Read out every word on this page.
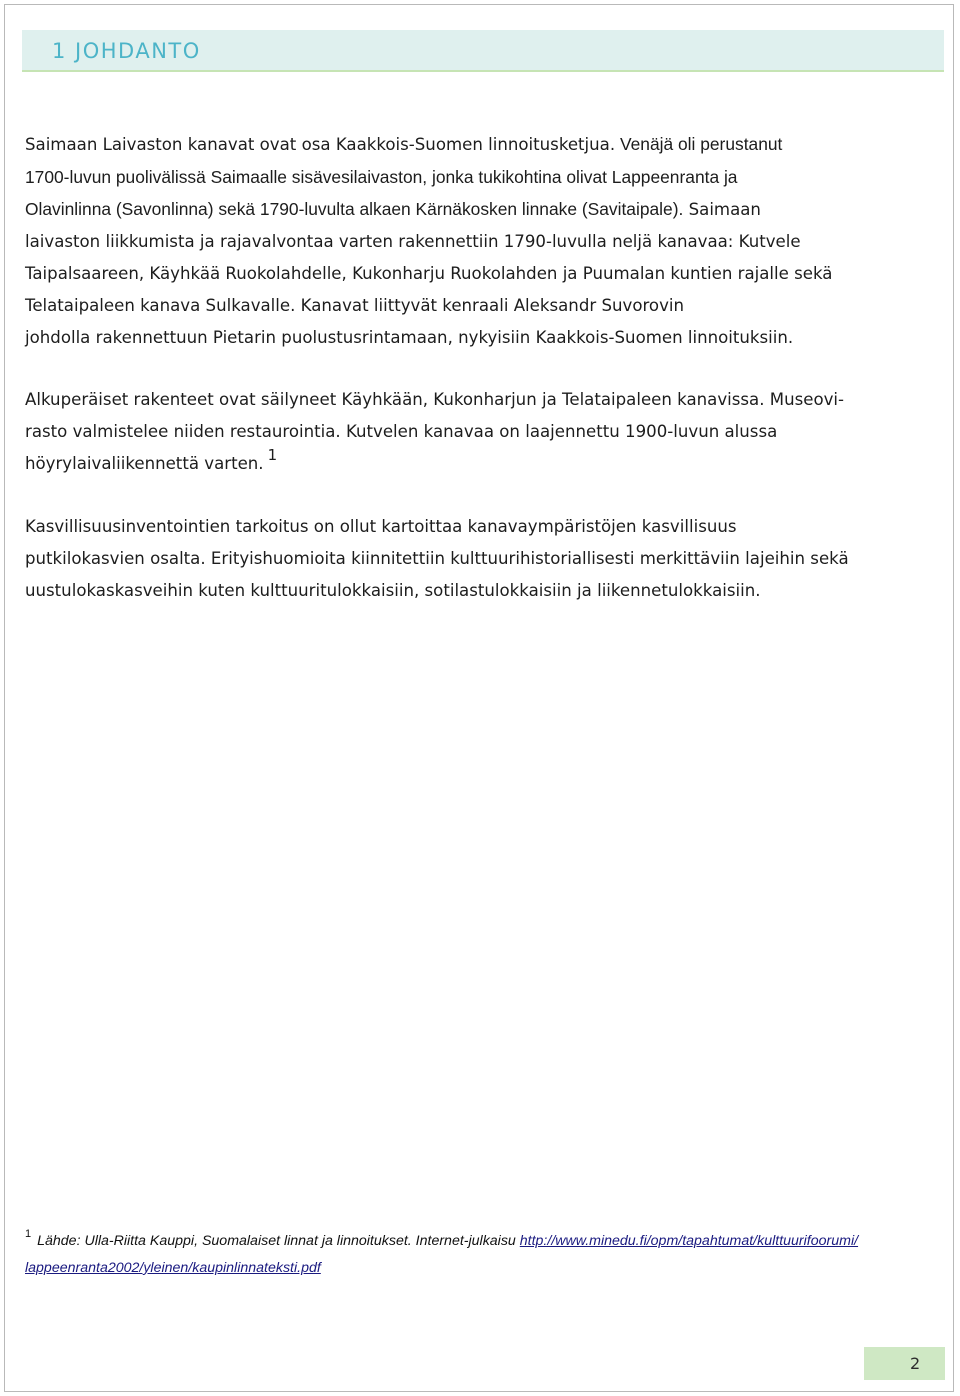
1 JOHDANTO
Saimaan Laivaston kanavat ovat osa Kaakkois-Suomen linnoitusketjua. Venäjä oli perustanut
1700-luvun puolivälissä Saimaalle sisävesilaivaston, jonka tukikohtina olivat Lappeenranta ja
Olavinlinna (Savonlinna) sekä 1790-luvulta alkaen Kärnäkosken linnake (Savitaipale). Saimaan
laivaston liikkumista ja rajavalvontaa varten rakennettiin 1790-luvulla neljä kanavaa: Kutvele
Taipalsaareen, Käyhkää Ruokolahdelle, Kukonharju Ruokolahden ja Puumalan kuntien rajalle sekä
Telataipaleen kanava Sulkavalle. Kanavat liittyvät kenraali Aleksandr Suvorovin
johdolla rakennettuun Pietarin puolustusrintamaan, nykyisiin Kaakkois-Suomen linnoituksiin.
Alkuperäiset rakenteet ovat säilyneet Käyhkään, Kukonharjun ja Telataipaleen kanavissa. Museovi-
rasto valmistelee niiden restaurointia. Kutvelen kanavaa on laajennettu 1900-luvun alussa
höyrylaivaliikennettä varten. 1
Kasvillisuusinventointien tarkoitus on ollut kartoittaa kanavaympäristöjen kasvillisuus
putkilokasvien osalta. Erityishuomioita kiinnitettiin kulttuurihistoriallisesti merkittäviin lajeihin sekä
uustulokaskasveihin kuten kulttuuritulokkaisiin, sotilastulokkaisiin ja liikennetulokkaisiin.
$^1$ Lähde: Ulla-Riitta Kauppi, Suomalaiset linnat ja linnoitukset. Internet-julkaisu http://www.minedu.fi/opm/tapahtumat/kulttuurifoorumi/
lappeenranta2002/yleinen/kaupinlinnateksti.pdf
2
